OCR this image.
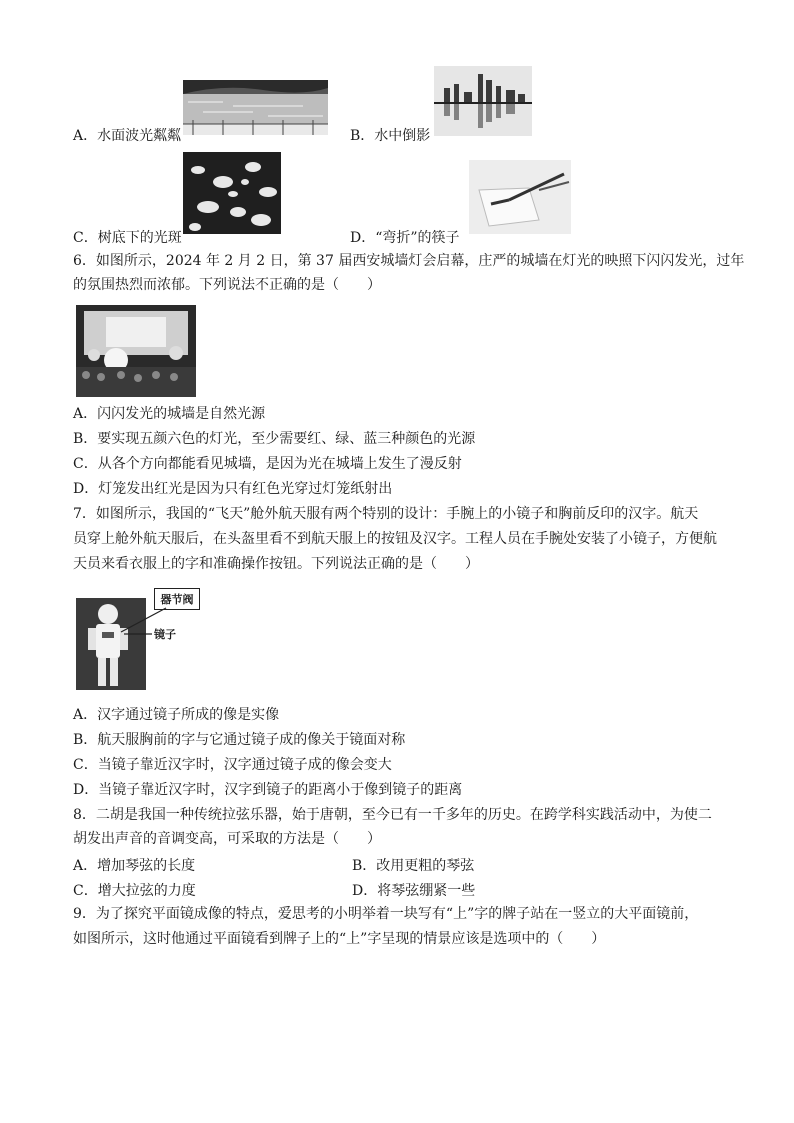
A．水面波光粼粼	B．水中倒影
C．树底下的光斑	D．“弯折”的筷子
6．如图所示，2024 年 2 月 2 日，第 37 届西安城墙灯会启幕，庄严的城墙在灯光的映照下闪闪发光，过年
的氛围热烈而浓郁。下列说法不正确的是（　　）
A．闪闪发光的城墙是自然光源
B．要实现五颜六色的灯光，至少需要红、绿、蓝三种颜色的光源
C．从各个方向都能看见城墙，是因为光在城墙上发生了漫反射
D．灯笼发出红光是因为只有红色光穿过灯笼纸射出
7．如图所示，我国的“飞天”舱外航天服有两个特别的设计：手腕上的小镜子和胸前反印的汉字。航天
员穿上舱外航天服后，在头盔里看不到航天服上的按钮及汉字。工程人员在手腕处安装了小镜子，方便航
天员来看衣服上的字和准确操作按钮。下列说法正确的是（　　）
器节阀
镜子
A．汉字通过镜子所成的像是实像
B．航天服胸前的字与它通过镜子成的像关于镜面对称
C．当镜子靠近汉字时，汉字通过镜子成的像会变大
D．当镜子靠近汉字时，汉字到镜子的距离小于像到镜子的距离
8．二胡是我国一种传统拉弦乐器，始于唐朝，至今已有一千多年的历史。在跨学科实践活动中，为使二
胡发出声音的音调变高，可采取的方法是（　　）
A．增加琴弦的长度	B．改用更粗的琴弦
C．增大拉弦的力度	D．将琴弦绷紧一些
9．为了探究平面镜成像的特点，爱思考的小明举着一块写有“上”字的牌子站在一竖立的大平面镜前，
如图所示，这时他通过平面镜看到牌子上的“上”字呈现的情景应该是选项中的（　　）
